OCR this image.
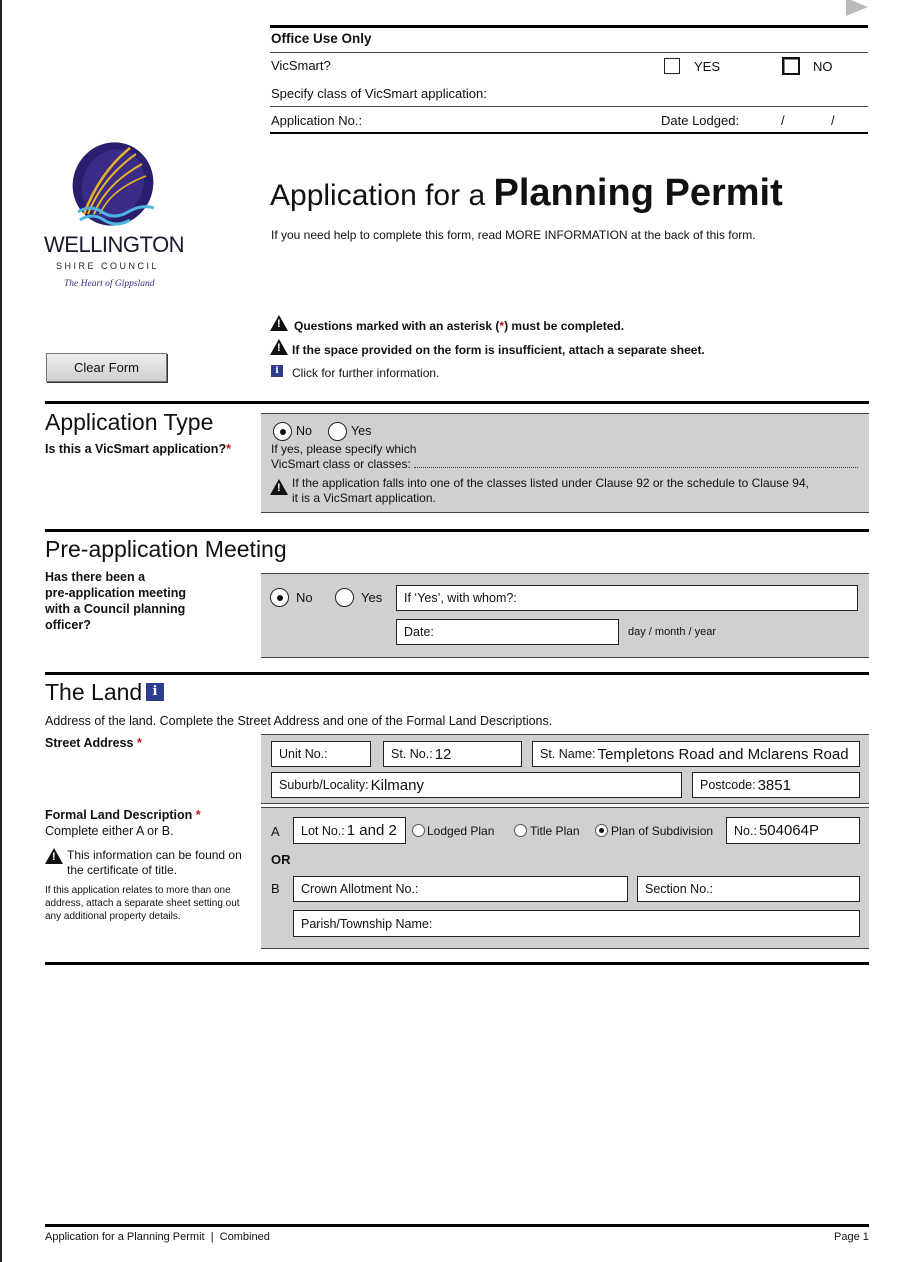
Office Use Only
VicSmart?	YES	NO
Specify class of VicSmart application:
Application No.:	Date Lodged:	/	/
WELLINGTON
SHIRE COUNCIL
The Heart of Gippsland
Application for a Planning Permit
If you need help to complete this form, read MORE INFORMATION at the back of this form.
!
Questions marked with an asterisk (*) must be completed.
!
If the space provided on the form is insufficient, attach a separate sheet.
i	Click for further information.
Clear Form
Application Type
Is this a VicSmart application?*
No	Yes
If yes, please specify which
VicSmart class or classes:
!
If the application falls into one of the classes listed under Clause 92 or the schedule to Clause 94,
it is a VicSmart application.
Pre-application Meeting
Has there been a
pre-application meeting
with a Council planning
officer?
No	Yes If ‘Yes’, with whom?:
Date:	day / month / year
The Land i
Address of the land. Complete the Street Address and one of the Formal Land Descriptions.
Street Address *
Unit No.:	St. No.: 12	St. Name: Templetons Road and Mclarens Road
Suburb/Locality: Kilmany	Postcode: 3851
Formal Land Description *
Complete either A or B.
!
This information can be found on
the certificate of title.
If this application relates to more than one
address, attach a separate sheet setting out
any additional property details.
A Lot No.: 1 and 2	Lodged Plan	Title Plan	Plan of Subdivision No.: 504064P
OR
B Crown Allotment No.:	Section No.:
Parish/Township Name:
Application for a Planning Permit  |  Combined	Page 1
